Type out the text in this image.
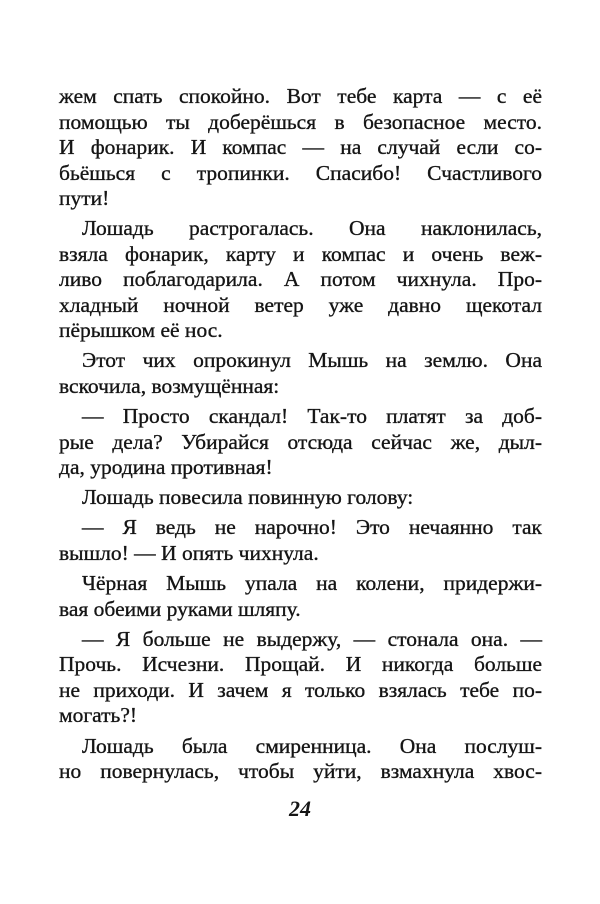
жем спать спокойно. Вот тебе карта — с её
помощью ты доберёшься в безопасное место.
И фонарик. И компас — на случай если со-
бьёшься с тропинки. Спасибо! Счастливого
пути!
Лошадь растрогалась. Она наклонилась,
взяла фонарик, карту и компас и очень веж-
ливо поблагодарила. А потом чихнула. Про-
хладный ночной ветер уже давно щекотал
пёрышком её нос.
Этот чих опрокинул Мышь на землю. Она
вскочила, возмущённая:
— Просто скандал! Так-то платят за доб-
рые дела? Убирайся отсюда сейчас же, дыл-
да, уродина противная!
Лошадь повесила повинную голову:
— Я ведь не нарочно! Это нечаянно так
вышло! — И опять чихнула.
Чёрная Мышь упала на колени, придержи-
вая обеими руками шляпу.
— Я больше не выдержу, — стонала она. —
Прочь. Исчезни. Прощай. И никогда больше
не приходи. И зачем я только взялась тебе по-
могать?!
Лошадь была смиренница. Она послуш-
но повернулась, чтобы уйти, взмахнула хвос-
24
